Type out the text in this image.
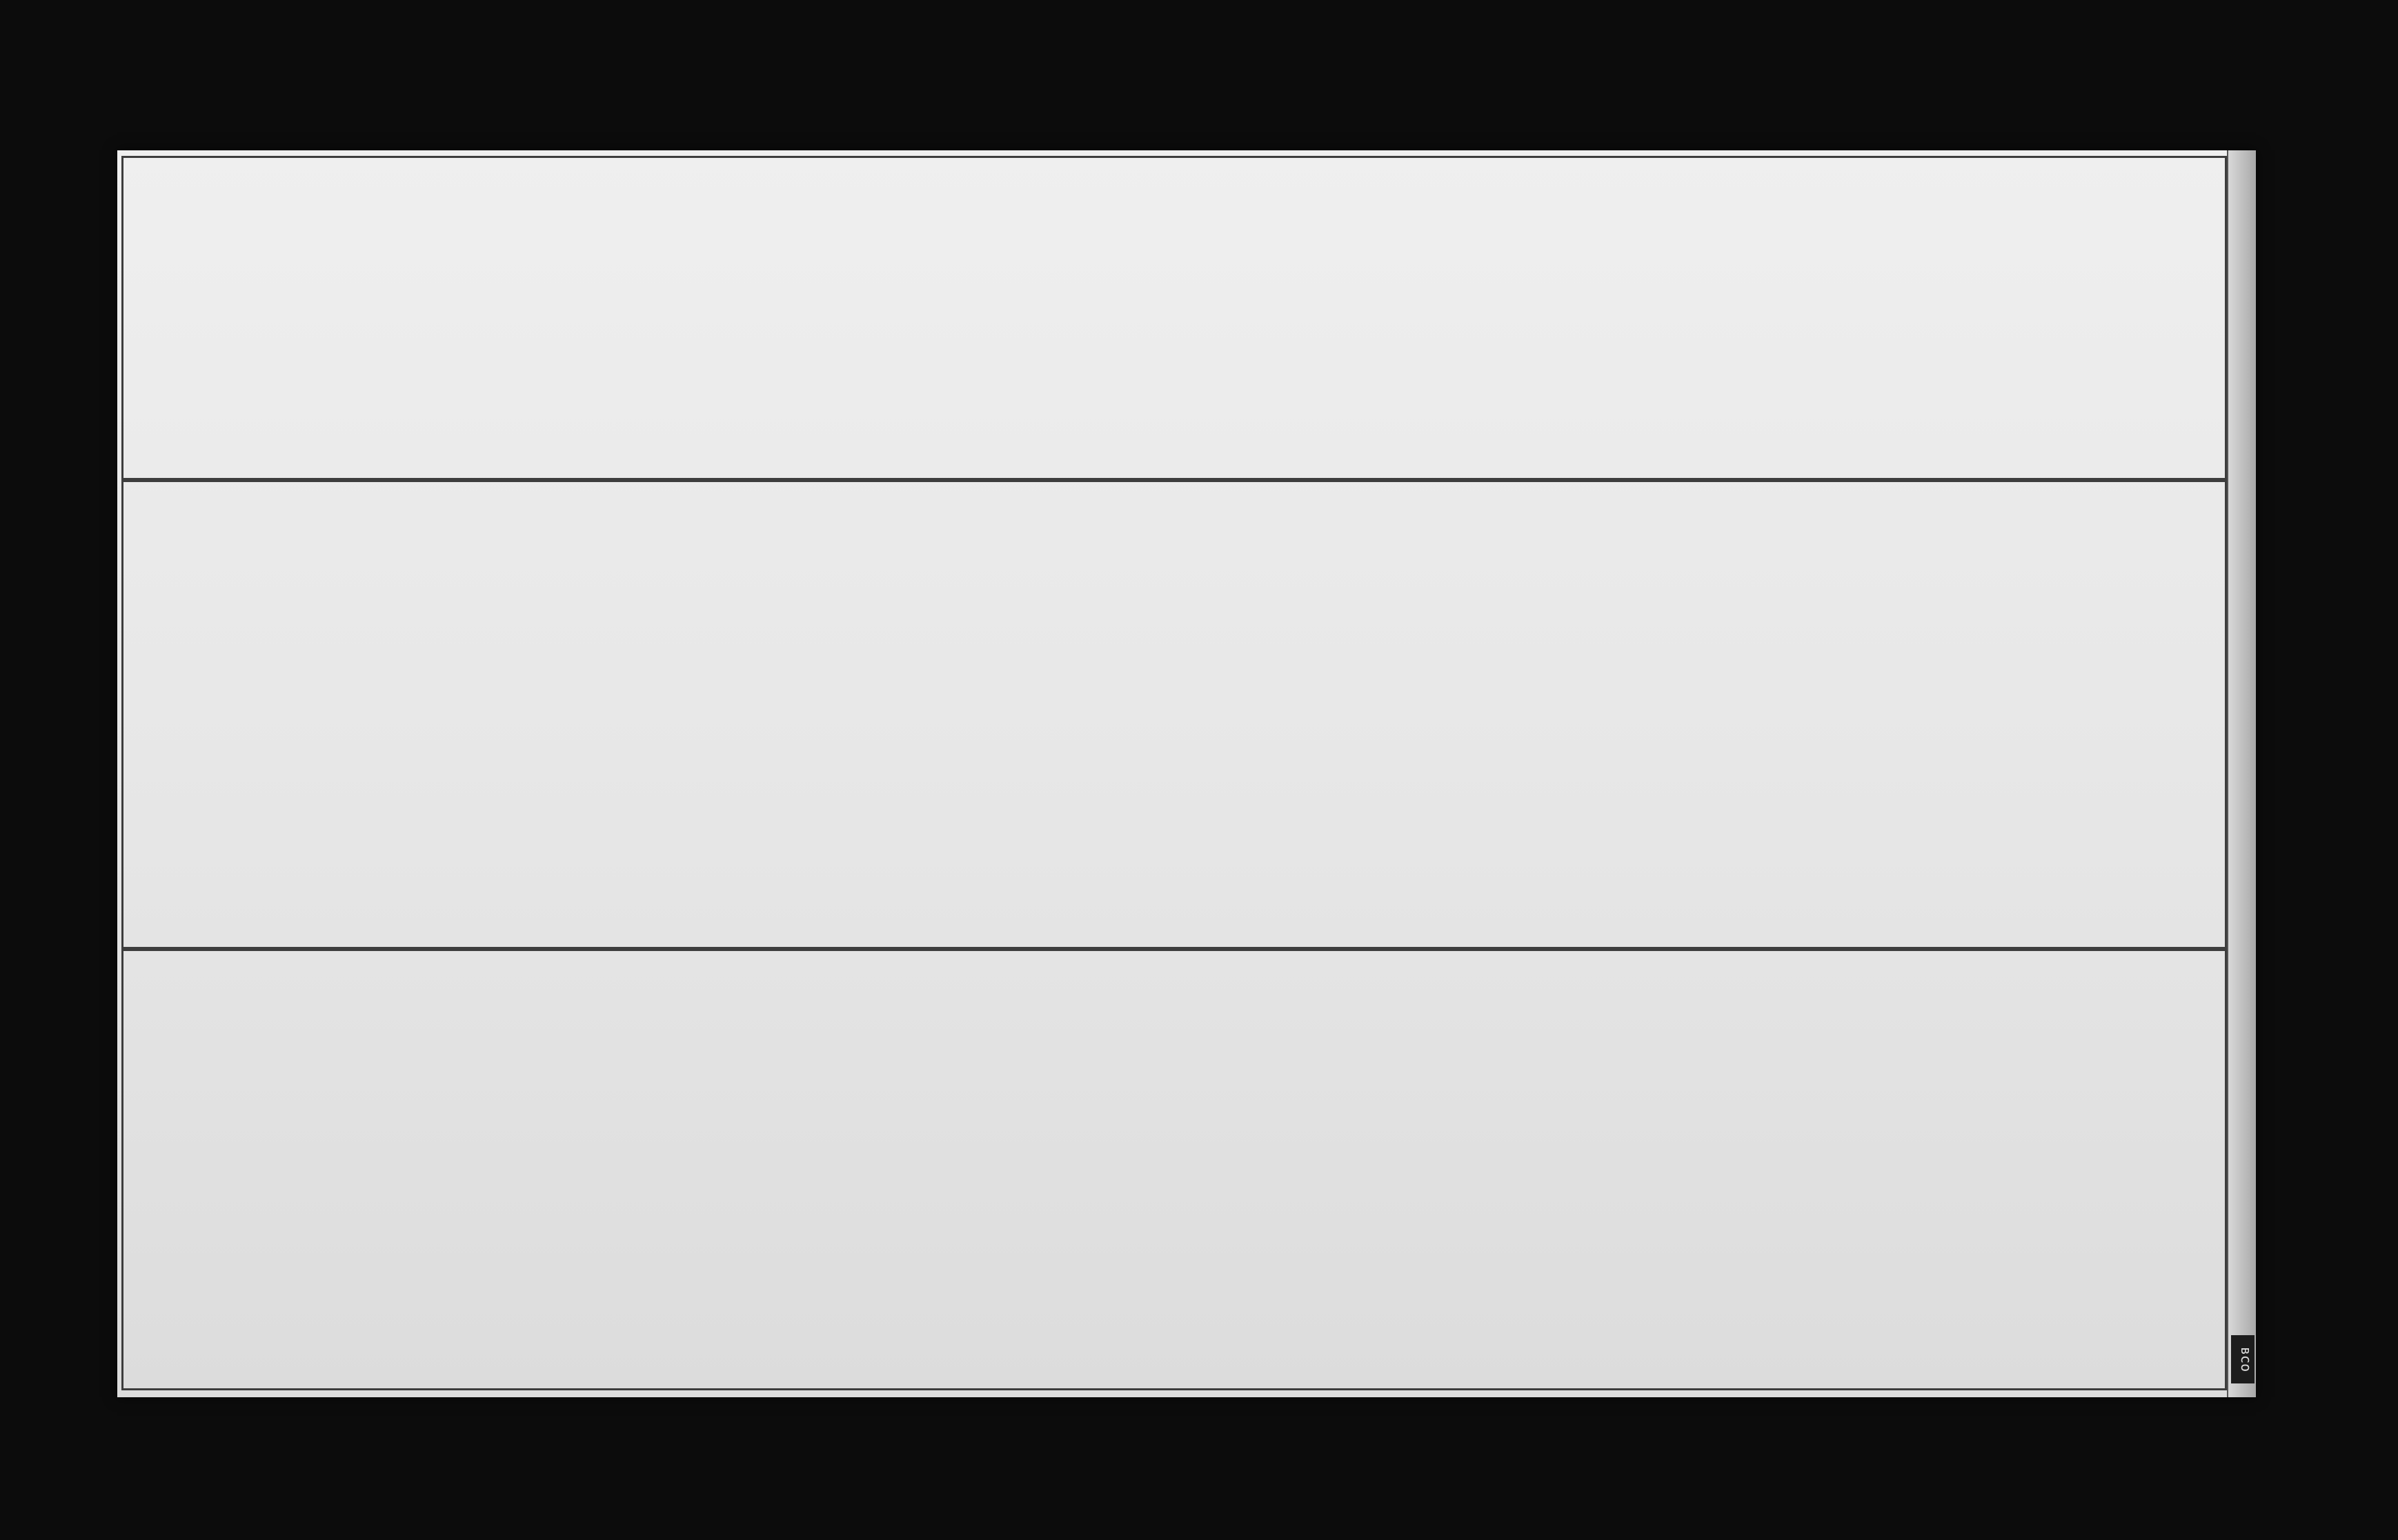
всо
